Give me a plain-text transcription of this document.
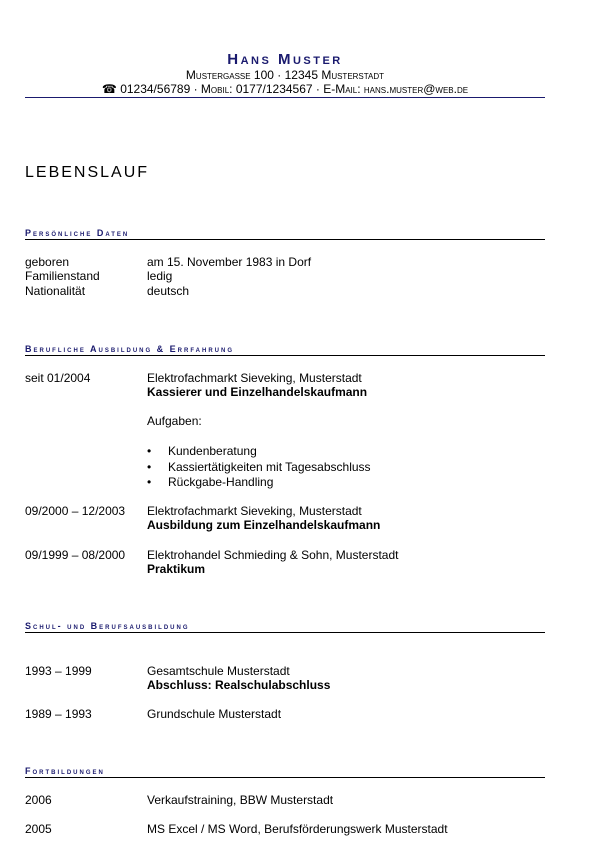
Hans Muster
Mustergasse 100 · 12345 Musterstadt
☎ 01234/56789 · Mobil: 0177/1234567 · E-Mail: hans.muster@web.de
LEBENSLAUF
Persönliche Daten
geboren	am 15. November 1983 in Dorf
Familienstand	ledig
Nationalität	deutsch
Berufliche Ausbildung & Errfahrung
seit 01/2004	Elektrofachmarkt Sieveking, Musterstadt
Kassierer und Einzelhandelskaufmann
Aufgaben:
• Kundenberatung
• Kassiertätigkeiten mit Tagesabschluss
• Rückgabe-Handling
09/2000 – 12/2003 Elektrofachmarkt Sieveking, Musterstadt
Ausbildung zum Einzelhandelskaufmann
09/1999 – 08/2000 Elektrohandel Schmieding & Sohn, Musterstadt
Praktikum
Schul- und Berufsausbildung
1993 – 1999	Gesamtschule Musterstadt
Abschluss: Realschulabschluss
1989 – 1993	Grundschule Musterstadt
Fortbildungen
2006	Verkaufstraining, BBW Musterstadt
2005	MS Excel / MS Word, Berufsförderungswerk Musterstadt
